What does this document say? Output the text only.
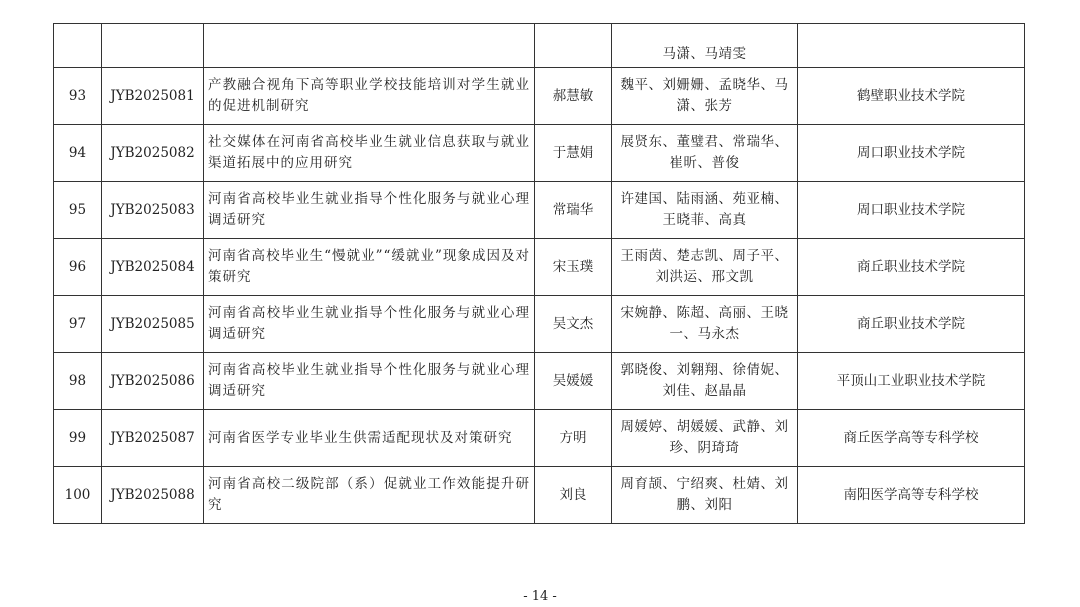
				马潇、马靖雯	
93	JYB2025081	产教融合视角下高等职业学校技能培训对学生就业的促进机制研究	郝慧敏	魏平、刘姗姗、孟晓华、马潇、张芳	鹤壁职业技术学院
94	JYB2025082	社交媒体在河南省高校毕业生就业信息获取与就业渠道拓展中的应用研究	于慧娟	展贤东、董璧君、常瑞华、崔昕、普俊	周口职业技术学院
95	JYB2025083	河南省高校毕业生就业指导个性化服务与就业心理调适研究	常瑞华	许建国、陆雨涵、苑亚楠、王晓菲、高真	周口职业技术学院
96	JYB2025084	河南省高校毕业生“慢就业”“缓就业”现象成因及对策研究	宋玉璞	王雨茵、楚志凯、周子平、刘洪运、邢文凯	商丘职业技术学院
97	JYB2025085	河南省高校毕业生就业指导个性化服务与就业心理调适研究	吴文杰	宋婉静、陈超、高丽、王晓一、马永杰	商丘职业技术学院
98	JYB2025086	河南省高校毕业生就业指导个性化服务与就业心理调适研究	吴媛媛	郭晓俊、刘翱翔、徐倩妮、刘佳、赵晶晶	平顶山工业职业技术学院
99	JYB2025087	河南省医学专业毕业生供需适配现状及对策研究	方明	周媛婷、胡媛媛、武静、刘珍、阴琦琦	商丘医学高等专科学校
100	JYB2025088	河南省高校二级院部（系）促就业工作效能提升研究	刘良	周育颉、宁绍爽、杜婧、刘鹏、刘阳	南阳医学高等专科学校
- 14 -
